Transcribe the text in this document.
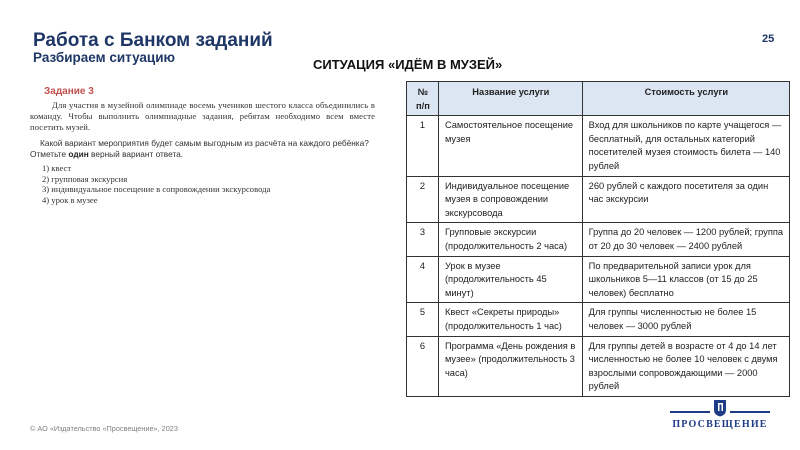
Работа с Банком заданий
Разбираем ситуацию
25
СИТУАЦИЯ «ИДЁМ В МУЗЕЙ»
Задание 3

Для участия в музейной олимпиаде восемь учеников шестого класса объединились в команду. Чтобы выполнить олимпиадные задания, ребятам необходимо всем вместе посетить музей.

Какой вариант мероприятия будет самым выгодным из расчёта на каждого ребёнка? Отметьте один верный вариант ответа.

1) квест
2) групповая экскурсия
3) индивидуальное посещение в сопровождении экскурсовода
4) урок в музее
№ п/п	Название услуги	Стоимость услуги
1	Самостоятельное посещение музея	Вход для школьников по карте учащегося — бесплатный, для остальных категорий посетителей музея стоимость билета — 140 рублей
2	Индивидуальное посещение музея в сопровождении экскурсовода	260 рублей с каждого посетителя за один час экскурсии
3	Групповые экскурсии (продолжительность 2 часа)	Группа до 20 человек — 1200 рублей; группа от 20 до 30 человек — 2400 рублей
4	Урок в музее (продолжительность 45 минут)	По предварительной записи урок для школьников 5—11 классов (от 15 до 25 человек) бесплатно
5	Квест «Секреты природы» (продолжительность 1 час)	Для группы численностью не более 15 человек — 3000 рублей
6	Программа «День рождения в музее» (продолжительность 3 часа)	Для группы детей в возрасте от 4 до 14 лет численностью не более 10 человек с двумя взрослыми сопровождающими — 2000 рублей
© АО «Издательство «Просвещение», 2023	ПРОСВЕЩЕНИЕ
